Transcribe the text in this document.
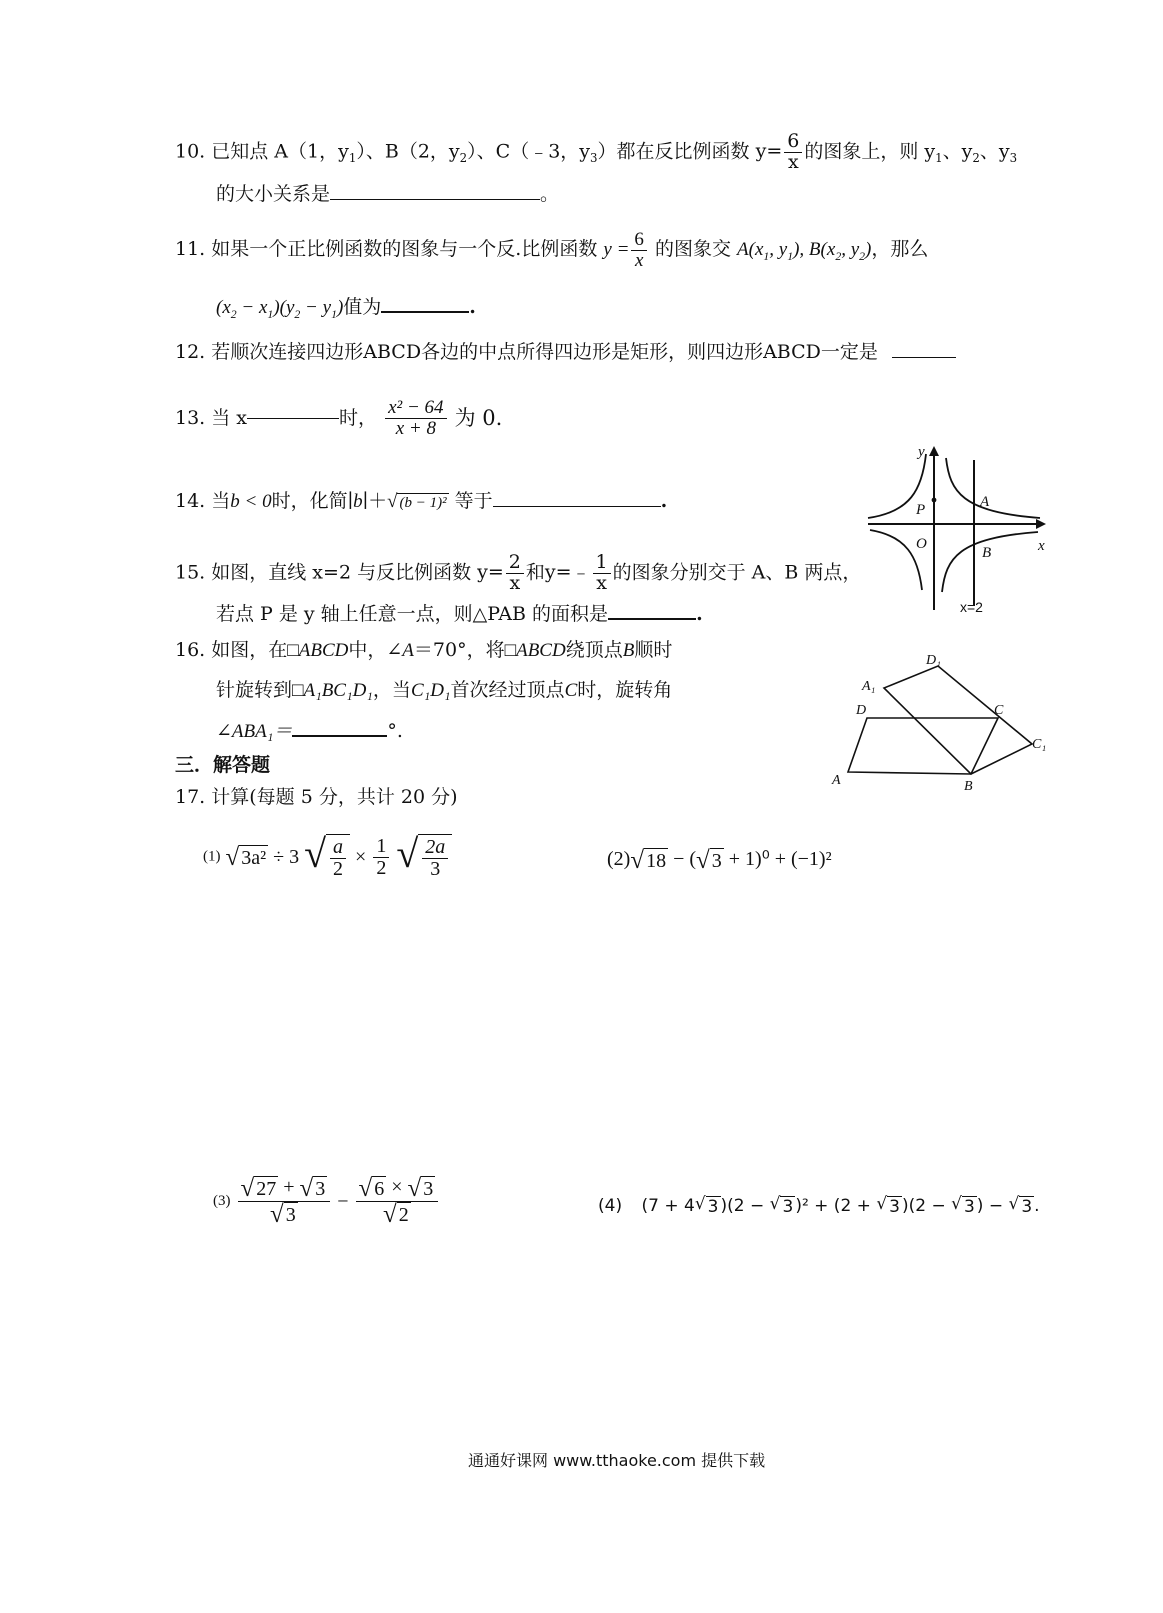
10. 已知点 A（1，$y_1$）、B（2，$y_2$）、C（﹣3，$y_3$）都在反比例函数 $y= \frac{6}{x}$ 的图象上，则 $y_1$、$y_2$、$y_3$
的大小关系是	。
11. 如果一个正比例函数的图象与一个反.比例函数 $y = \frac{6}{x}$ 的图象交 $A(x_1$, $y_1$), $B(x_2$, $y_2$)，那么
$(x_2 - x_1)(y_2 - y_1)$值为	.
12. 若顺次连接四边形ABCD各边的中点所得四边形是矩形，则四边形ABCD一定是
13. 当 x	时， $\frac{\text{x² − 64}}{x + 8}$ 为 0.
14. 当b < 0时，化简∣b∣＋ √ (b − 1)² 等于	.
15. 如图，直线 x=2 与反比例函数 $y= \frac{2}{x}$ 和y=﹣ $\frac{1}{x}$ 的图象分别交于 A、B 两点，
若点 P 是 y 轴上任意一点，则△PAB 的面积是	.
16. 如图，在□ABCD中，∠A＝70°，将□ABCD绕顶点B顺时
针旋转到□A₁BC₁D₁，当C₁D₁首次经过顶点C时，旋转角
∠ABA₁＝	°.
三．解答题
17. 计算(每题 5 分，共计 20 分)
(1) √ 3a² ÷ 3 √ $\frac{a}{2} \times \frac{1}{2}$
√ $\frac{2a}{3}$	(2) √ 18 − ( √ 3 + 1)⁰ + (−1)²
$(3) \frac{√ 27 + √ 3}{√ 3} - \frac{√ 6 \times √ 3}{√ 2}$	(4) (7 + 4 √ 3 )(2 − √ 3 )² + (2 + √ 3 )(2 − √ 3 ) − √ 3 .
y
x
O
P	A
B
x=2
A	B
C
D
A₁
C₁
D₁
通通好课网 www.tthaoke.com 提供下载
